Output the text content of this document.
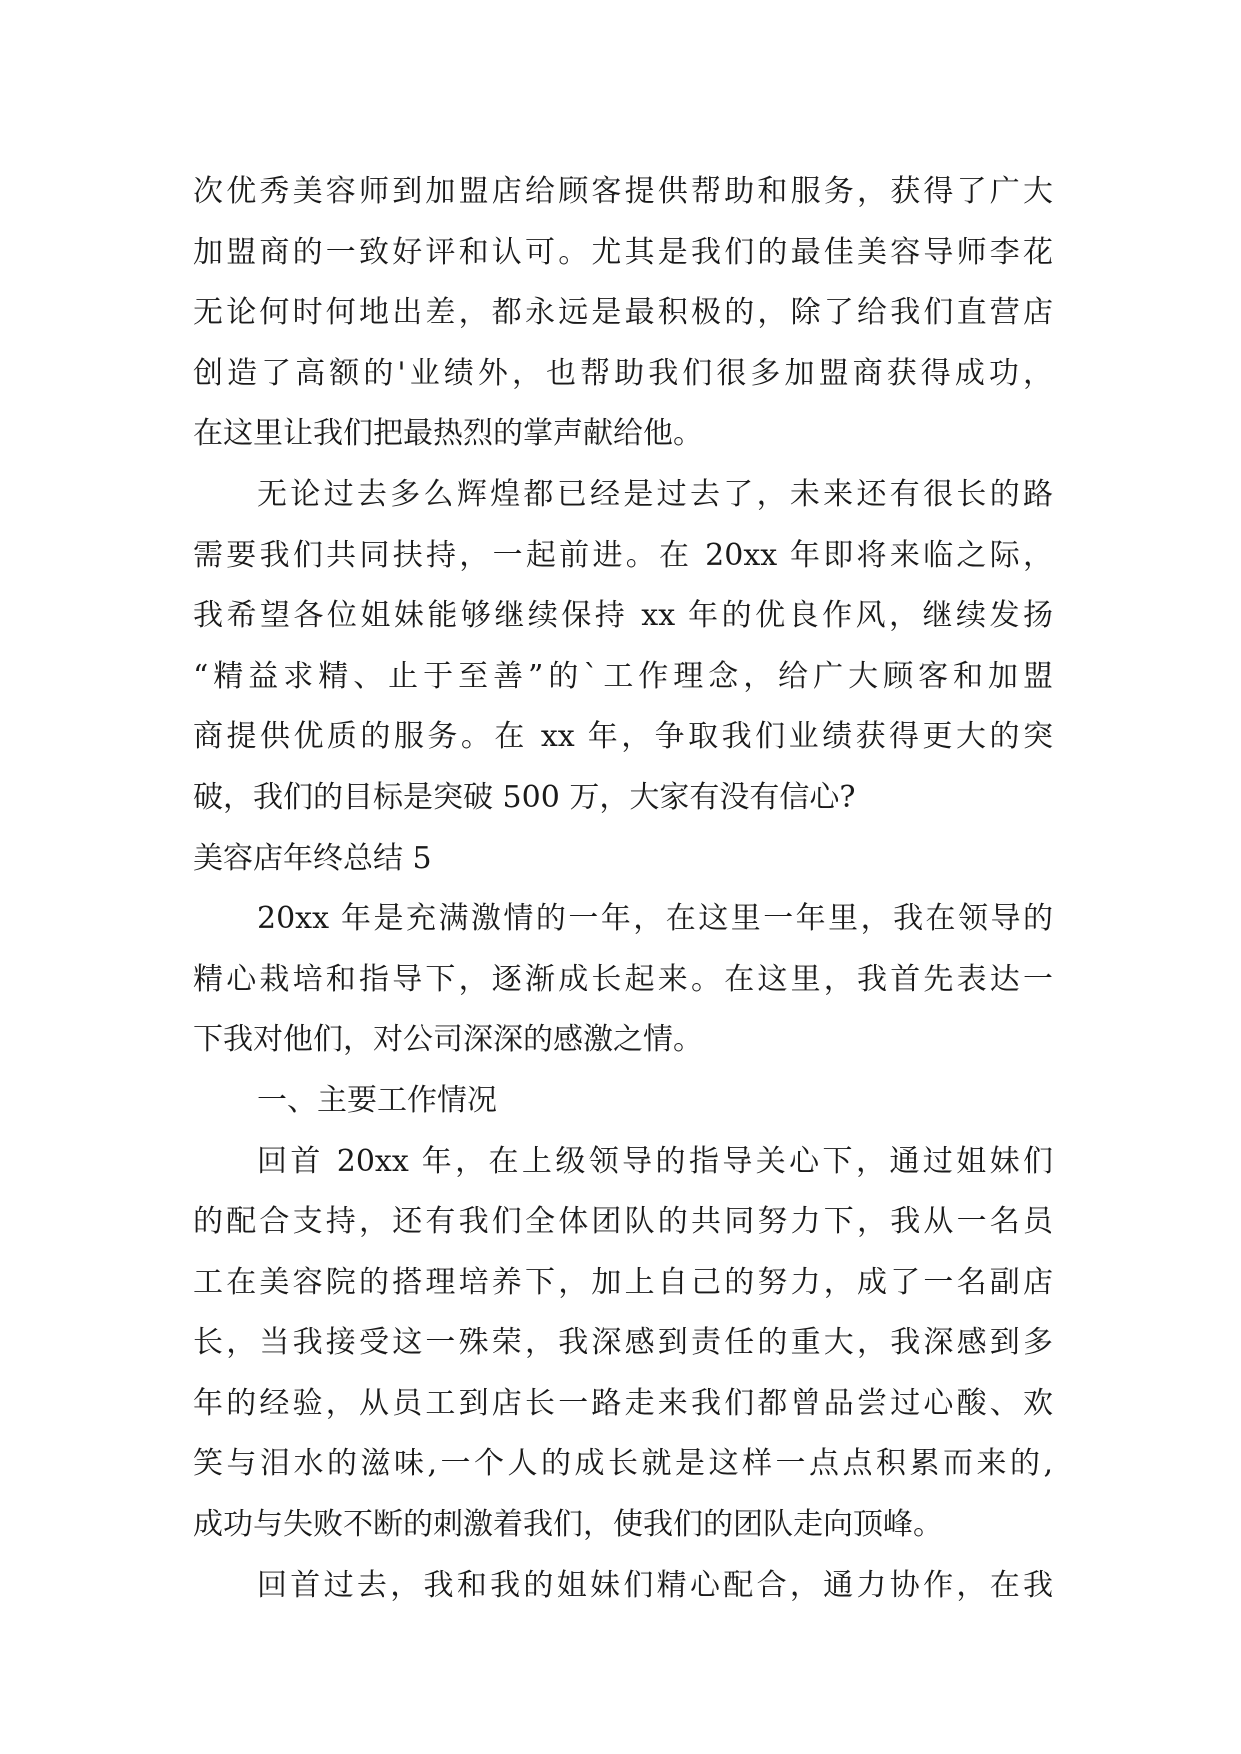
次优秀美容师到加盟店给顾客提供帮助和服务，获得了广大
加盟商的一致好评和认可。尤其是我们的最佳美容导师李花
无论何时何地出差，都永远是最积极的，除了给我们直营店
创造了高额的'业绩外，也帮助我们很多加盟商获得成功，
在这里让我们把最热烈的掌声献给他。
无论过去多么辉煌都已经是过去了，未来还有很长的路
需要我们共同扶持，一起前进。在 20xx 年即将来临之际，
我希望各位姐妹能够继续保持 xx 年的优良作风，继续发扬
“精益求精、止于至善”的`工作理念，给广大顾客和加盟
商提供优质的服务。在 xx 年，争取我们业绩获得更大的突
破，我们的目标是突破 500 万，大家有没有信心?
美容店年终总结 5
20xx 年是充满激情的一年，在这里一年里，我在领导的
精心栽培和指导下，逐渐成长起来。在这里，我首先表达一
下我对他们，对公司深深的感激之情。
一、主要工作情况
回首 20xx 年，在上级领导的指导关心下，通过姐妹们
的配合支持，还有我们全体团队的共同努力下，我从一名员
工在美容院的搭理培养下，加上自己的努力，成了一名副店
长，当我接受这一殊荣，我深感到责任的重大，我深感到多
年的经验，从员工到店长一路走来我们都曾品尝过心酸、欢
笑与泪水的滋味,一个人的成长就是这样一点点积累而来的,
成功与失败不断的刺激着我们，使我们的团队走向顶峰。
回首过去，我和我的姐妹们精心配合，通力协作，在我
